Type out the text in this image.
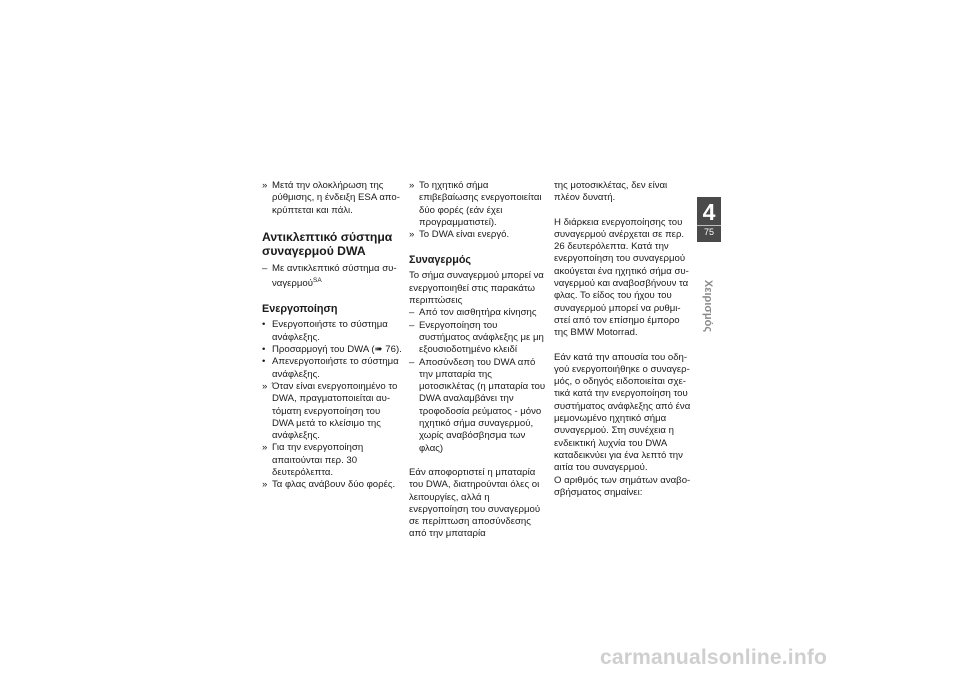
» Μετά την ολοκλήρωση της ρύθμισης, η ένδειξη ESA αποκρύπτεται και πάλι.
Αντικλεπτικό σύστημα συναγερμού DWA
– Με αντικλεπτικό σύστημα συναγερμού$^{SA}$
Ενεργοποίηση
• Ενεργοποιήστε το σύστημα ανάφλεξης.
• Προσαρμογή του DWA (➠ 76).
• Απενεργοποιήστε το σύστημα ανάφλεξης.
» Όταν είναι ενεργοποιημένο το DWA, πραγματοποιείται αυτόματη ενεργοποίηση του DWA μετά το κλείσιμο της ανάφλεξης.
» Για την ενεργοποίηση απαιτούνται περ. 30 δευτερόλεπτα.
» Τα φλας ανάβουν δύο φορές.
» Το ηχητικό σήμα επιβεβαίωσης ενεργοποιείται δύο φορές (εάν έχει προγραμματιστεί).
» Το DWA είναι ενεργό.
Συναγερμός

Το σήμα συναγερμού μπορεί να ενεργοποιηθεί στις παρακάτω περιπτώσεις

– Από τον αισθητήρα κίνησης
– Ενεργοποίηση του συστήματος ανάφλεξης με μη εξουσιοδοτημένο κλειδί
– Αποσύνδεση του DWA από την μπαταρία της μοτοσικλέτας (η μπαταρία του DWA αναλαμβάνει την τροφοδοσία ρεύματος - μόνο ηχητικό σήμα συναγερμού, χωρίς αναβόσβησμα των φλας)

Εάν αποφορτιστεί η μπαταρία του DWA, διατηρούνται όλες οι λειτουργίες, αλλά η ενεργοποίηση του συναγερμού σε περίπτωση αποσύνδεσης από την μπαταρία

της μοτοσικλέτας, δεν είναι πλέον δυνατή.

Η διάρκεια ενεργοποίησης του συναγερμού ανέρχεται σε περ. 26 δευτερόλεπτα. Κατά την ενεργοποίηση του συναγερμού ακούγεται ένα ηχητικό σήμα συναγερμού και αναβοσβήνουν τα φλας. Το είδος του ήχου του συναγερμού μπορεί να ρυθμιστεί από τον επίσημο έμπορο της BMW Motorrad.

Εάν κατά την απουσία του οδηγού ενεργοποιήθηκε ο συναγερμός, ο οδηγός ειδοποιείται σχετικά κατά την ενεργοποίηση του συστήματος ανάφλεξης από ένα μεμονωμένο ηχητικό σήμα συναγερμού. Στη συνέχεια η ενδεικτική λυχνία του DWA καταδεικνύει για ένα λεπτό την αιτία του συναγερμού.

Ο αριθμός των σημάτων αναβοσβήσματος σημαίνει:

4
75
Χειρισμός
carmanualsonline.info
